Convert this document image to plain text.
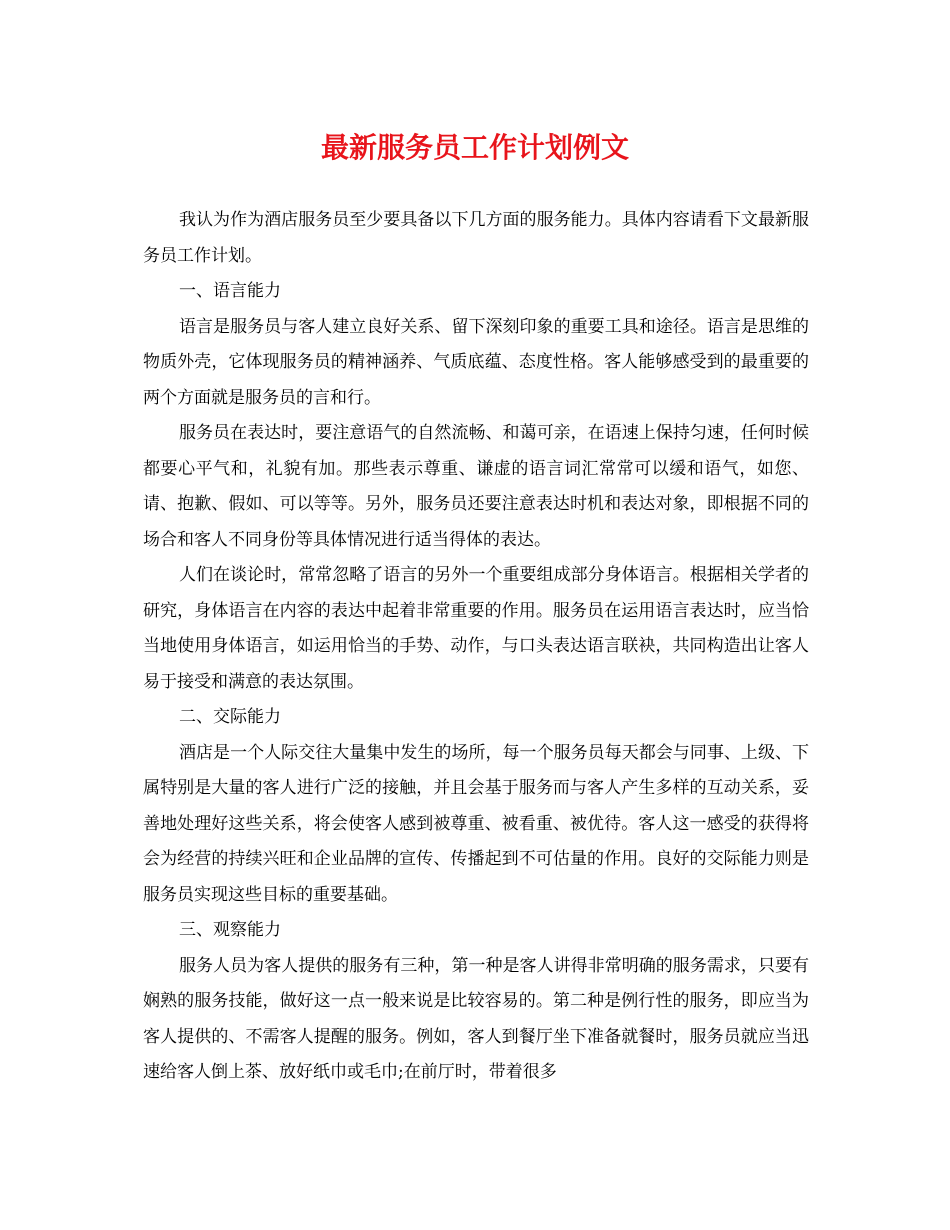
最新服务员工作计划例文

我认为作为酒店服务员至少要具备以下几方面的服务能力。具体内容请看下文最新服务员工作计划。

一、语言能力

语言是服务员与客人建立良好关系、留下深刻印象的重要工具和途径。语言是思维的物质外壳，它体现服务员的精神涵养、气质底蕴、态度性格。客人能够感受到的最重要的两个方面就是服务员的言和行。

服务员在表达时，要注意语气的自然流畅、和蔼可亲，在语速上保持匀速，任何时候都要心平气和，礼貌有加。那些表示尊重、谦虚的语言词汇常常可以缓和语气，如您、请、抱歉、假如、可以等等。另外，服务员还要注意表达时机和表达对象，即根据不同的场合和客人不同身份等具体情况进行适当得体的表达。

人们在谈论时，常常忽略了语言的另外一个重要组成部分身体语言。根据相关学者的研究，身体语言在内容的表达中起着非常重要的作用。服务员在运用语言表达时，应当恰当地使用身体语言，如运用恰当的手势、动作，与口头表达语言联袂，共同构造出让客人易于接受和满意的表达氛围。

二、交际能力

酒店是一个人际交往大量集中发生的场所，每一个服务员每天都会与同事、上级、下属特别是大量的客人进行广泛的接触，并且会基于服务而与客人产生多样的互动关系，妥善地处理好这些关系，将会使客人感到被尊重、被看重、被优待。客人这一感受的获得将会为经营的持续兴旺和企业品牌的宣传、传播起到不可估量的作用。良好的交际能力则是服务员实现这些目标的重要基础。

三、观察能力

服务人员为客人提供的服务有三种，第一种是客人讲得非常明确的服务需求，只要有娴熟的服务技能，做好这一点一般来说是比较容易的。第二种是例行性的服务，即应当为客人提供的、不需客人提醒的服务。例如，客人到餐厅坐下准备就餐时，服务员就应当迅速给客人倒上茶、放好纸巾或毛巾;在前厅时，带着很多
